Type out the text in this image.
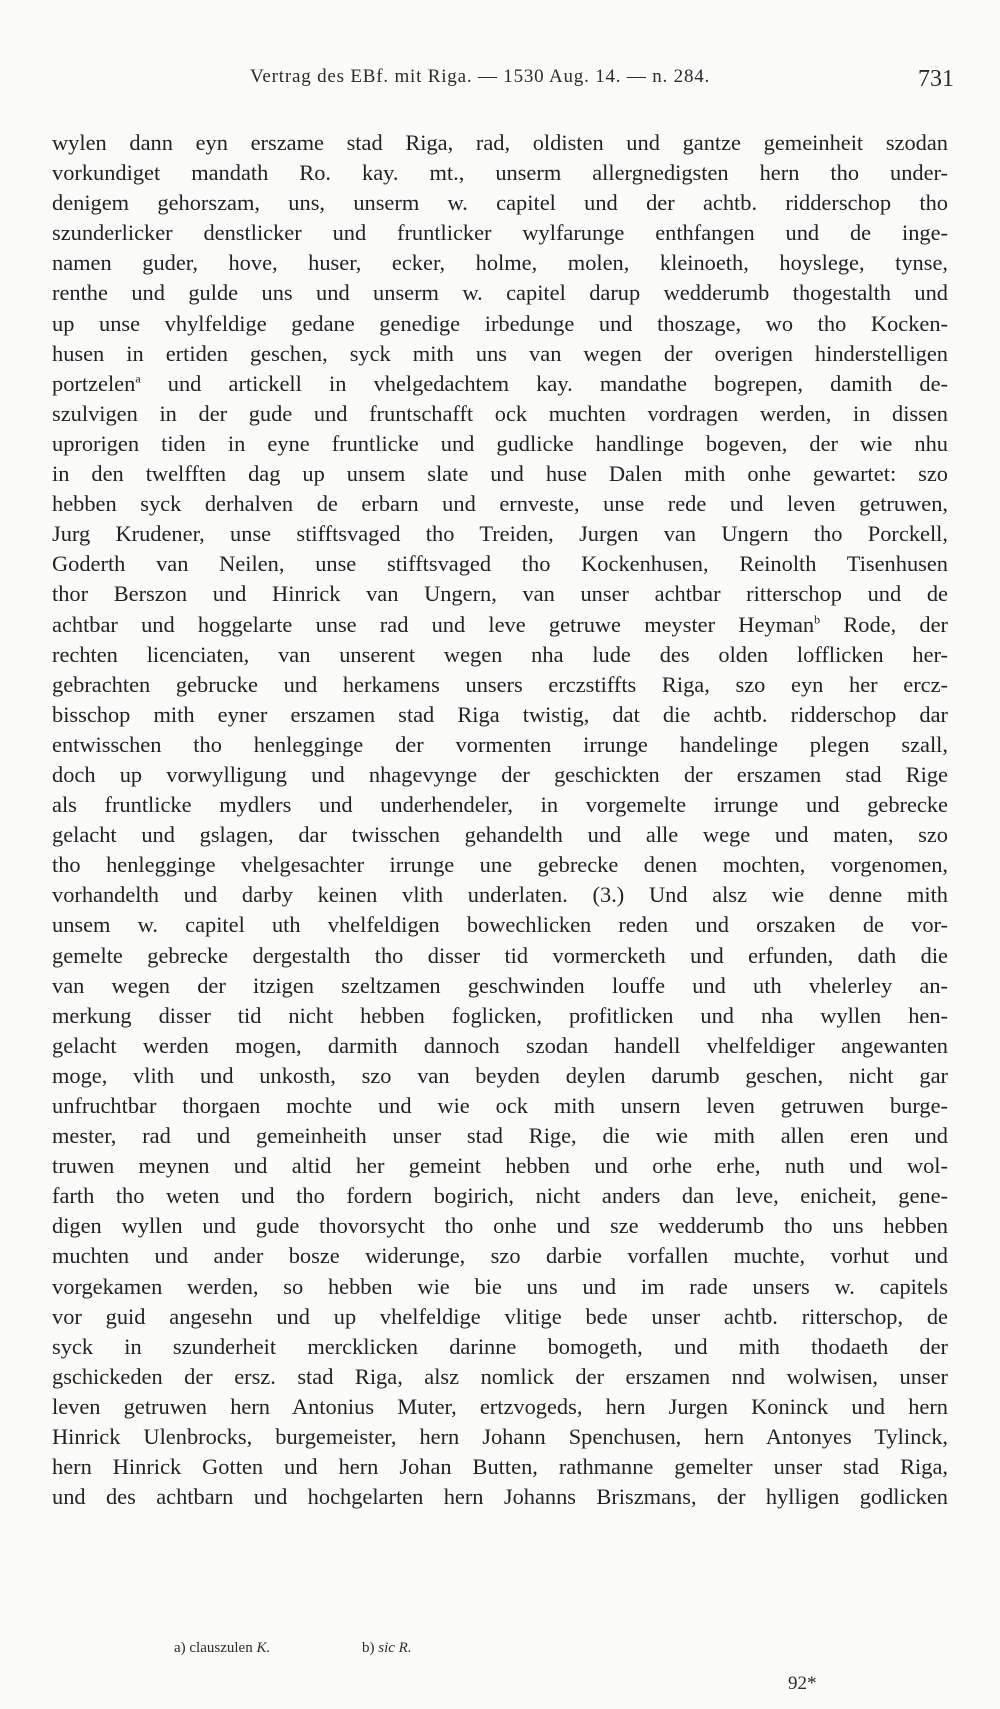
Vertrag des EBf. mit Riga. — 1530 Aug. 14. — n. 284.	731
wylen dann eyn erszame stad Riga, rad, oldisten und gantze gemeinheit szodan
vorkundiget mandath Ro. kay. mt., unserm allergnedigsten hern tho under-
denigem gehorszam, uns, unserm w. capitel und der achtb. ridderschop tho
szunderlicker denstlicker und fruntlicker wylfarunge enthfangen und de inge-
namen guder, hove, huser, ecker, holme, molen, kleinoeth, hoyslege, tynse,
renthe und gulde uns und unserm w. capitel darup wedderumb thogestalth und
up unse vhylfeldige gedane genedige irbedunge und thoszage, wo tho Kocken-
husen in ertiden geschen, syck mith uns van wegen der overigen hinderstelligen
portzelen$^a$ und artickell in vhelgedachtem kay. mandathe bogrepen, damith de-
szulvigen in der gude und fruntschafft ock muchten vordragen werden, in dissen
uprorigen tiden in eyne fruntlicke und gudlicke handlinge bogeven, der wie nhu
in den twelfften dag up unsem slate und huse Dalen mith onhe gewartet: szo
hebben syck derhalven de erbarn und ernveste, unse rede und leven getruwen,
Jurg Krudener, unse stifftsvaged tho Treiden, Jurgen van Ungern tho Porckell,
Goderth van Neilen, unse stifftsvaged tho Kockenhusen, Reinolth Tisenhusen
thor Berszon und Hinrick van Ungern, van unser achtbar ritterschop und de
achtbar und hoggelarte unse rad und leve getruwe meyster Heyman$^b$ Rode, der
rechten licenciaten, van unserent wegen nha lude des olden lofflicken her-
gebrachten gebrucke und herkamens unsers erczstiffts Riga, szo eyn her ercz-
bisschop mith eyner erszamen stad Riga twistig, dat die achtb. ridderschop dar
entwisschen tho henlegginge der vormenten irrunge handelinge plegen szall,
doch up vorwylligung und nhagevynge der geschickten der erszamen stad Rige
als fruntlicke mydlers und underhendeler, in vorgemelte irrunge und gebrecke
gelacht und gslagen, dar twisschen gehandelth und alle wege und maten, szo
tho henlegginge vhelgesachter irrunge une gebrecke denen mochten, vorgenomen,
vorhandelth und darby keinen vlith underlaten. (3.) Und alsz wie denne mith
unsem w. capitel uth vhelfeldigen bowechlicken reden und orszaken de vor-
gemelte gebrecke dergestalth tho disser tid vormercketh und erfunden, dath die
van wegen der itzigen szeltzamen geschwinden louffe und uth vhelerley an-
merkung disser tid nicht hebben foglicken, profitlicken und nha wyllen hen-
gelacht werden mogen, darmith dannoch szodan handell vhelfeldiger angewanten
moge, vlith und unkosth, szo van beyden deylen darumb geschen, nicht gar
unfruchtbar thorgaen mochte und wie ock mith unsern leven getruwen burge-
mester, rad und gemeinheith unser stad Rige, die wie mith allen eren und
truwen meynen und altid her gemeint hebben und orhe erhe, nuth und wol-
farth tho weten und tho fordern bogirich, nicht anders dan leve, enicheit, gene-
digen wyllen und gude thovorsycht tho onhe und sze wedderumb tho uns hebben
muchten und ander bosze widerunge, szo darbie vorfallen muchte, vorhut und
vorgekamen werden, so hebben wie bie uns und im rade unsers w. capitels
vor guid angesehn und up vhelfeldige vlitige bede unser achtb. ritterschop, de
syck in szunderheit mercklicken darinne bomogeth, und mith thodaeth der
gschickeden der ersz. stad Riga, alsz nomlick der erszamen nnd wolwisen, unser
leven getruwen hern Antonius Muter, ertzvogeds, hern Jurgen Koninck und hern
Hinrick Ulenbrocks, burgemeister, hern Johann Spenchusen, hern Antonyes Tylinck,
hern Hinrick Gotten und hern Johan Butten, rathmanne gemelter unser stad Riga,
und des achtbarn und hochgelarten hern Johanns Briszmans, der hylligen godlicken
a) clauszulen K.	b) sic R.
92*
